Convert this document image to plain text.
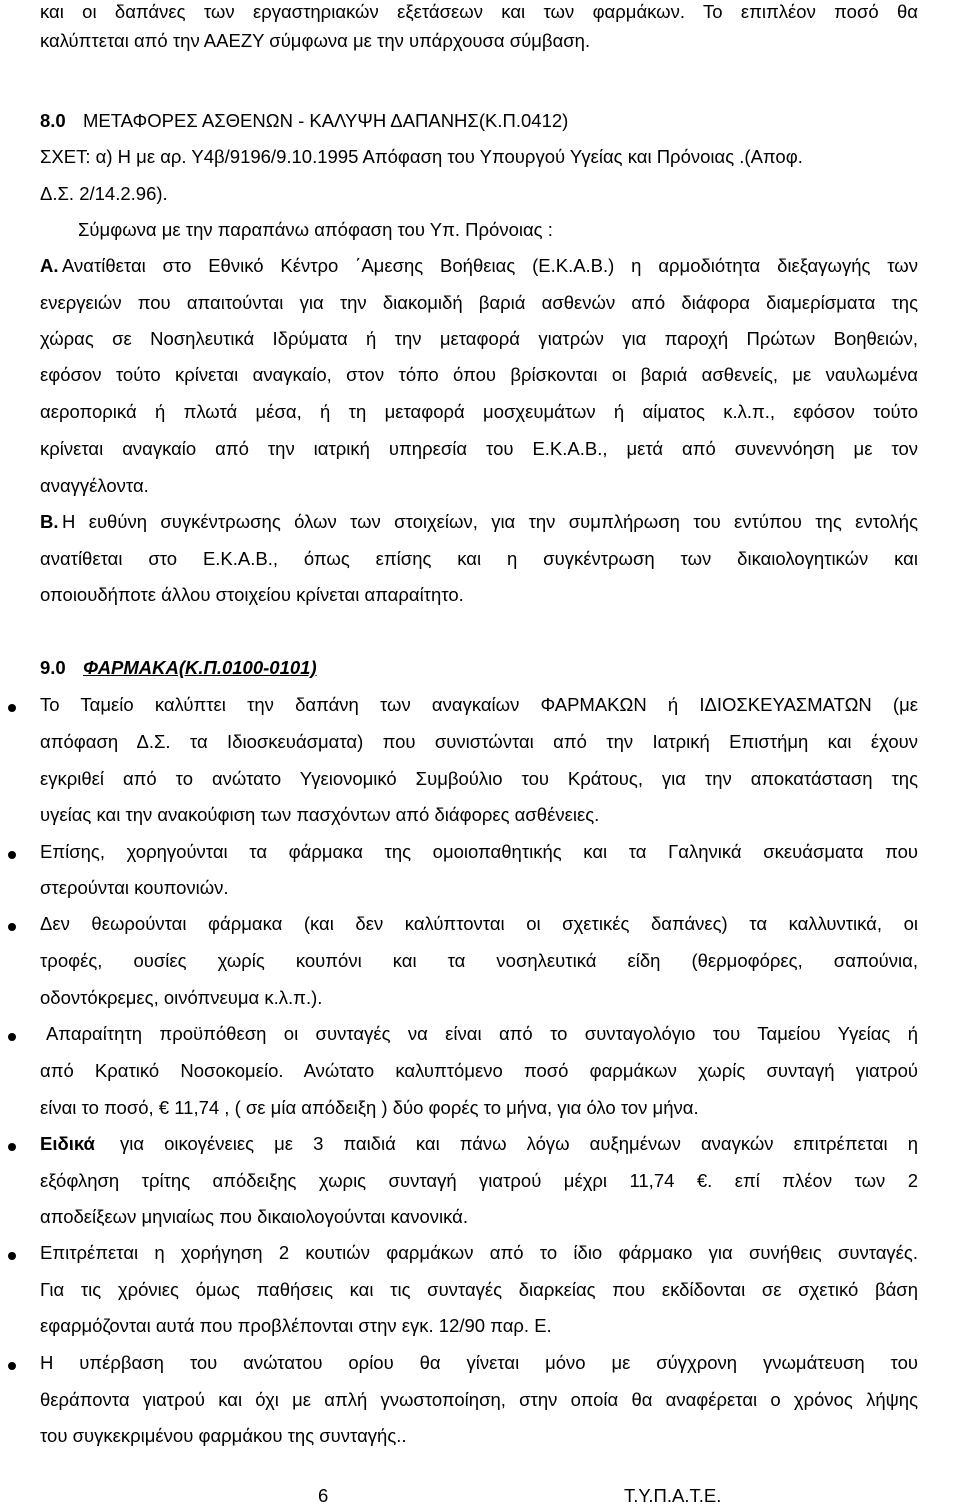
και οι δαπάνες των εργαστηριακών εξετάσεων και των φαρμάκων. Το επιπλέον ποσό θα
καλύπτεται από την ΑΑΕΖΥ σύμφωνα με την υπάρχουσα σύμβαση.
8.0 ΜΕΤΑΦΟΡΕΣ ΑΣΘΕΝΩΝ - ΚΑΛΥΨΗ ΔΑΠΑΝΗΣ(Κ.Π.0412)
ΣΧΕΤ: α) Η με αρ. Υ4β/9196/9.10.1995 Απόφαση του Υπουργού Υγείας και Πρόνοιας .(Αποφ.
Δ.Σ. 2/14.2.96).
Σύμφωνα με την παραπάνω απόφαση του Υπ. Πρόνοιας :
Α. Ανατίθεται στο Εθνικό Κέντρο ΄Αμεσης Βοήθειας (Ε.Κ.Α.Β.) η αρμοδιότητα διεξαγωγής των
ενεργειών που απαιτούνται για την διακομιδή βαριά ασθενών από διάφορα διαμερίσματα της
χώρας σε Νοσηλευτικά Ιδρύματα ή την μεταφορά γιατρών για παροχή Πρώτων Βοηθειών,
εφόσον τούτο κρίνεται αναγκαίο, στον τόπο όπου βρίσκονται οι βαριά ασθενείς, με ναυλωμένα
αεροπορικά ή πλωτά μέσα, ή τη μεταφορά μοσχευμάτων ή αίματος κ.λ.π., εφόσον τούτο
κρίνεται αναγκαίο από την ιατρική υπηρεσία του Ε.Κ.Α.Β., μετά από συνεννόηση με τον
αναγγέλοντα.
Β. Η ευθύνη συγκέντρωσης όλων των στοιχείων, για την συμπλήρωση του εντύπου της εντολής
ανατίθεται στο Ε.Κ.Α.Β., όπως επίσης και η συγκέντρωση των δικαιολογητικών και
οποιουδήποτε άλλου στοιχείου κρίνεται απαραίτητο.
9.0 ΦΑΡΜΑΚΑ(Κ.Π.0100-0101)
Το Ταμείο καλύπτει την δαπάνη των αναγκαίων ΦΑΡΜΑΚΩΝ ή ΙΔΙΟΣΚΕΥΑΣΜΑΤΩΝ (με
απόφαση Δ.Σ. τα Ιδιοσκευάσματα) που συνιστώνται από την Ιατρική Επιστήμη και έχουν
εγκριθεί από το ανώτατο Υγειονομικό Συμβούλιο του Κράτους, για την αποκατάσταση της
υγείας και την ανακούφιση των πασχόντων από διάφορες ασθένειες.
Επίσης, χορηγούνται τα φάρμακα της ομοιοπαθητικής και τα Γαληνικά σκευάσματα που
στερούνται κουπονιών.
Δεν θεωρούνται φάρμακα (και δεν καλύπτονται οι σχετικές δαπάνες) τα καλλυντικά, οι
τροφές, ουσίες χωρίς κουπόνι και τα νοσηλευτικά είδη (θερμοφόρες, σαπούνια,
οδοντόκρεμες, οινόπνευμα κ.λ.π.).
Απαραίτητη προϋπόθεση οι συνταγές να είναι από το συνταγολόγιο του Ταμείου Υγείας ή
από Κρατικό Νοσοκομείο. Ανώτατο καλυπτόμενο ποσό φαρμάκων χωρίς συνταγή γιατρού
είναι το ποσό, € 11,74 , ( σε μία απόδειξη ) δύο φορές το μήνα, για όλο τον μήνα.
Ειδικά για οικογένειες με 3 παιδιά και πάνω λόγω αυξημένων αναγκών επιτρέπεται η
εξόφληση τρίτης απόδειξης χωρις συνταγή γιατρού μέχρι 11,74 €. επί πλέον των 2
αποδείξεων μηνιαίως που δικαιολογούνται κανονικά.
Επιτρέπεται η χορήγηση 2 κουτιών φαρμάκων από το ίδιο φάρμακο για συνήθεις συνταγές.
Για τις χρόνιες όμως παθήσεις και τις συνταγές διαρκείας που εκδίδονται σε σχετικό βάση
εφαρμόζονται αυτά που προβλέπονται στην εγκ. 12/90 παρ. Ε.
Η υπέρβαση του ανώτατου ορίου θα γίνεται μόνο με σύγχρονη γνωμάτευση του
θεράποντα γιατρού και όχι με απλή γνωστοποίηση, στην οποία θα αναφέρεται ο χρόνος λήψης
του συγκεκριμένου φαρμάκου της συνταγής..
6	Τ.Υ.Π.Α.Τ.Ε.
